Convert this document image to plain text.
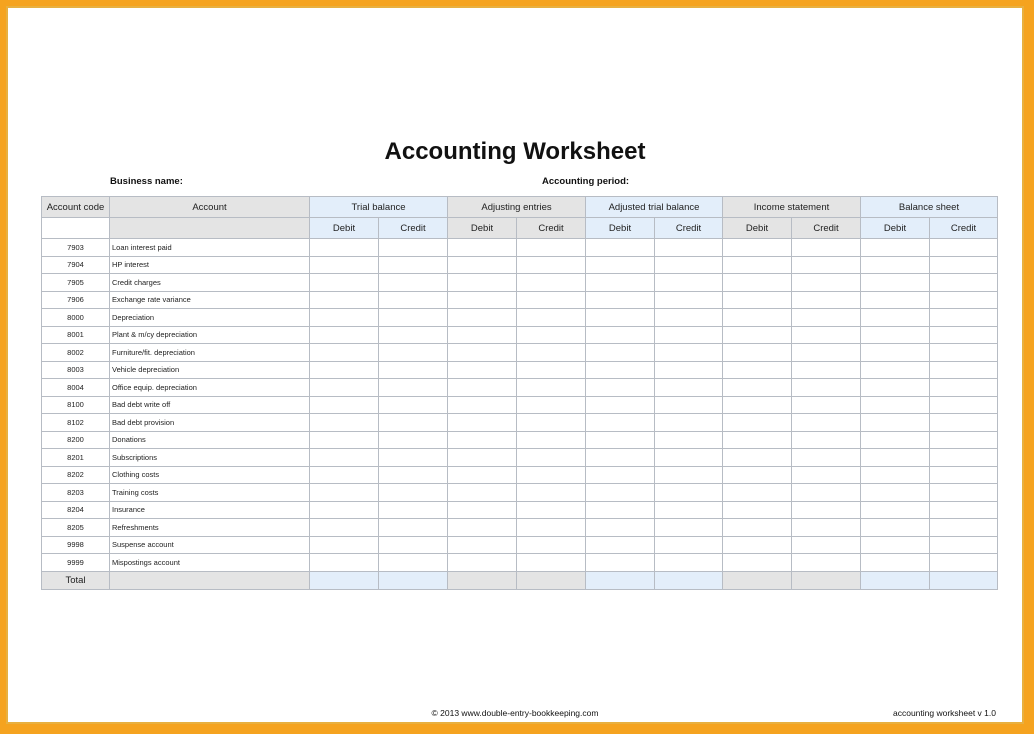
Accounting Worksheet
Business name:	Accounting period:
Account code	Account	Trial balance		Adjusting entries		Adjusted trial balance		Income statement		Balance sheet	
		Debit	Credit	Debit	Credit	Debit	Credit	Debit	Credit	Debit	Credit
7903	Loan interest paid										
7904	HP interest										
7905	Credit charges										
7906	Exchange rate variance										
8000	Depreciation										
8001	Plant & m/cy depreciation										
8002	Furniture/fit. depreciation										
8003	Vehicle depreciation										
8004	Office equip. depreciation										
8100	Bad debt write off										
8102	Bad debt provision										
8200	Donations										
8201	Subscriptions										
8202	Clothing costs										
8203	Training costs										
8204	Insurance										
8205	Refreshments										
9998	Suspense account										
9999	Mispostings account										
Total											
© 2013 www.double-entry-bookkeeping.com	accounting worksheet v 1.0
